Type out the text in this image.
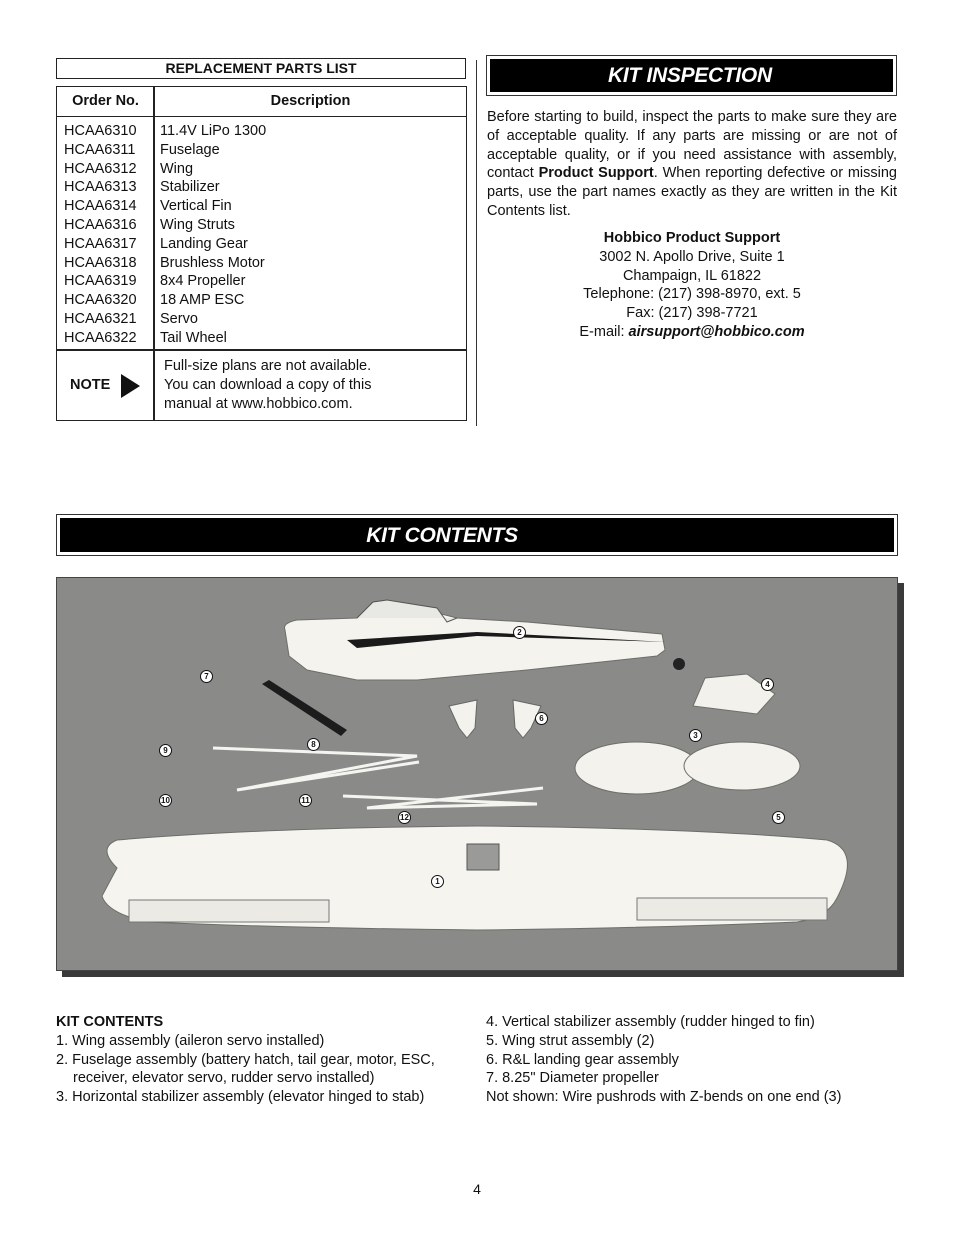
REPLACEMENT PARTS LIST
Order No.	Description
HCAA6310
HCAA6311
HCAA6312
HCAA6313
HCAA6314
HCAA6316
HCAA6317
HCAA6318
HCAA6319
HCAA6320
HCAA6321
HCAA6322
11.4V LiPo 1300
Fuselage
Wing
Stabilizer
Vertical Fin
Wing Struts
Landing Gear
Brushless Motor
8x4 Propeller
18 AMP ESC
Servo
Tail Wheel
NOTE
Full-size plans are not available.
You can download a copy of this
manual at www.hobbico.com.
KIT INSPECTION
Before starting to build, inspect the parts to make sure they are of acceptable quality. If any parts are missing or are not of acceptable quality, or if you need assistance with assembly, contact Product Support. When reporting defective or missing parts, use the part names exactly as they are written in the Kit Contents list.
Hobbico Product Support
3002 N. Apollo Drive, Suite 1
Champaign, IL 61822
Telephone: (217) 398-8970, ext. 5
Fax: (217) 398-7721
E-mail: airsupport@hobbico.com
KIT CONTENTS
1
2
3
4
5
6
7
8
9
10	11
12
KIT CONTENTS
1. Wing assembly (aileron servo installed)
2. Fuselage assembly (battery hatch, tail gear, motor, ESC,
receiver, elevator servo, rudder servo installed)
3. Horizontal stabilizer assembly (elevator hinged to stab)
4. Vertical stabilizer assembly (rudder hinged to fin)
5. Wing strut assembly (2)
6. R&L landing gear assembly
7. 8.25" Diameter propeller
Not shown: Wire pushrods with Z-bends on one end (3)
4
